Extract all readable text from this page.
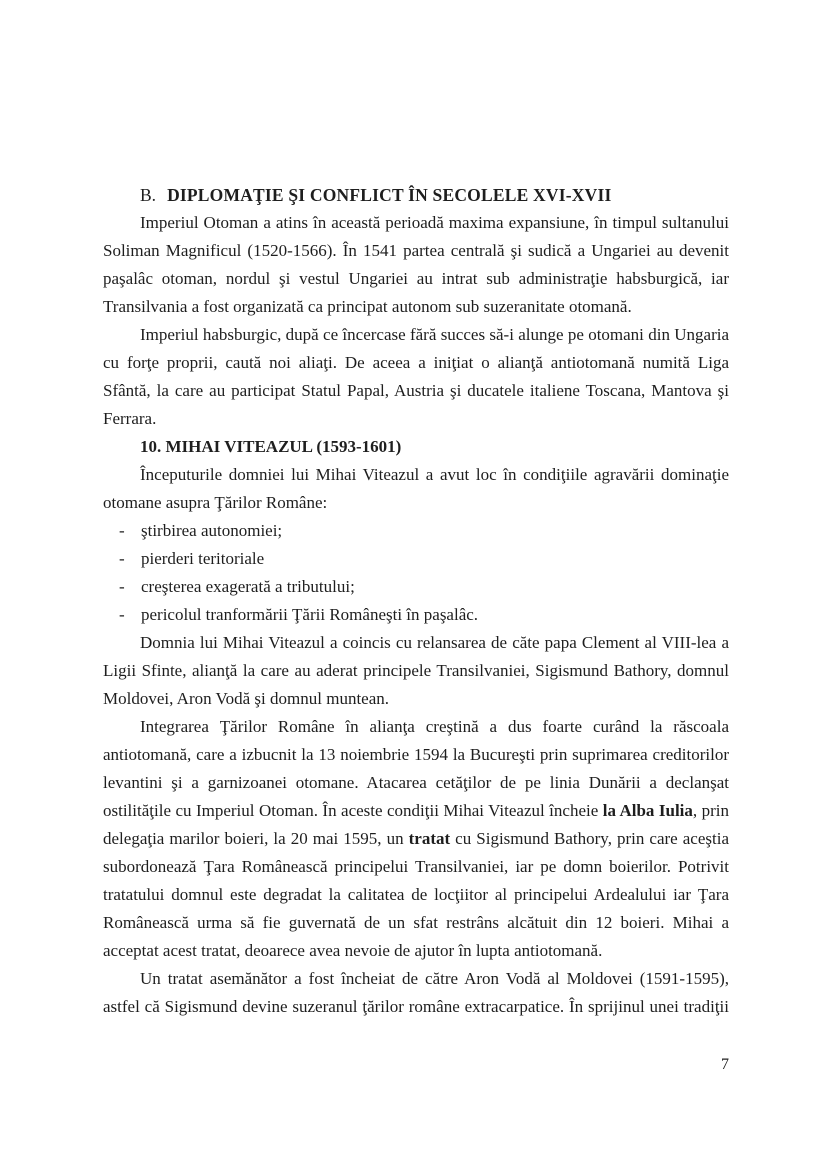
B. DIPLOMAŢIE ŞI CONFLICT ÎN SECOLELE XVI-XVII

Imperiul Otoman a atins în această perioadă maxima expansiune, în timpul sultanului Soliman Magnificul (1520-1566). În 1541 partea centrală şi sudică a Ungariei au devenit paşalâc otoman, nordul şi vestul Ungariei au intrat sub administraţie habsburgică, iar Transilvania a fost organizată ca principat autonom sub suzeranitate otomană.

Imperiul habsburgic, după ce încercase fără succes să-i alunge pe otomani din Ungaria cu forţe proprii, caută noi aliaţi. De aceea a iniţiat o alianţă antiotomană numită Liga Sfântă, la care au participat Statul Papal, Austria şi ducatele italiene Toscana, Mantova şi Ferrara.

10. MIHAI VITEAZUL (1593-1601)

Începuturile domniei lui Mihai Viteazul a avut loc în condiţiile agravării dominaţie otomane asupra Ţărilor Române:

- ştirbirea autonomiei;
- pierderi teritoriale
- creşterea exagerată a tributului;
- pericolul tranformării Ţării Româneşti în paşalâc.

Domnia lui Mihai Viteazul a coincis cu relansarea de căte papa Clement al VIII-lea a Ligii Sfinte, alianţă la care au aderat principele Transilvaniei, Sigismund Bathory, domnul Moldovei, Aron Vodă şi domnul muntean.

Integrarea Ţărilor Române în alianţa creştină a dus foarte curând la răscoala antiotomană, care a izbucnit la 13 noiembrie 1594 la Bucureşti prin suprimarea creditorilor levantini şi a garnizoanei otomane. Atacarea cetăţilor de pe linia Dunării a declanşat ostilităţile cu Imperiul Otoman. În aceste condiţii Mihai Viteazul încheie la Alba Iulia, prin delegaţia marilor boieri, la 20 mai 1595, un tratat cu Sigismund Bathory, prin care aceştia subordonează Ţara Românească principelui Transilvaniei, iar pe domn boierilor. Potrivit tratatului domnul este degradat la calitatea de locţiitor al principelui Ardealului iar Ţara Românească urma să fie guvernată de un sfat restrâns alcătuit din 12 boieri. Mihai a acceptat acest tratat, deoarece avea nevoie de ajutor în lupta antiotomană.

Un tratat asemănător a fost încheiat de către Aron Vodă al Moldovei (1591-1595), astfel că Sigismund devine suzeranul ţărilor române extracarpatice. În sprijinul unei tradiţii

7
